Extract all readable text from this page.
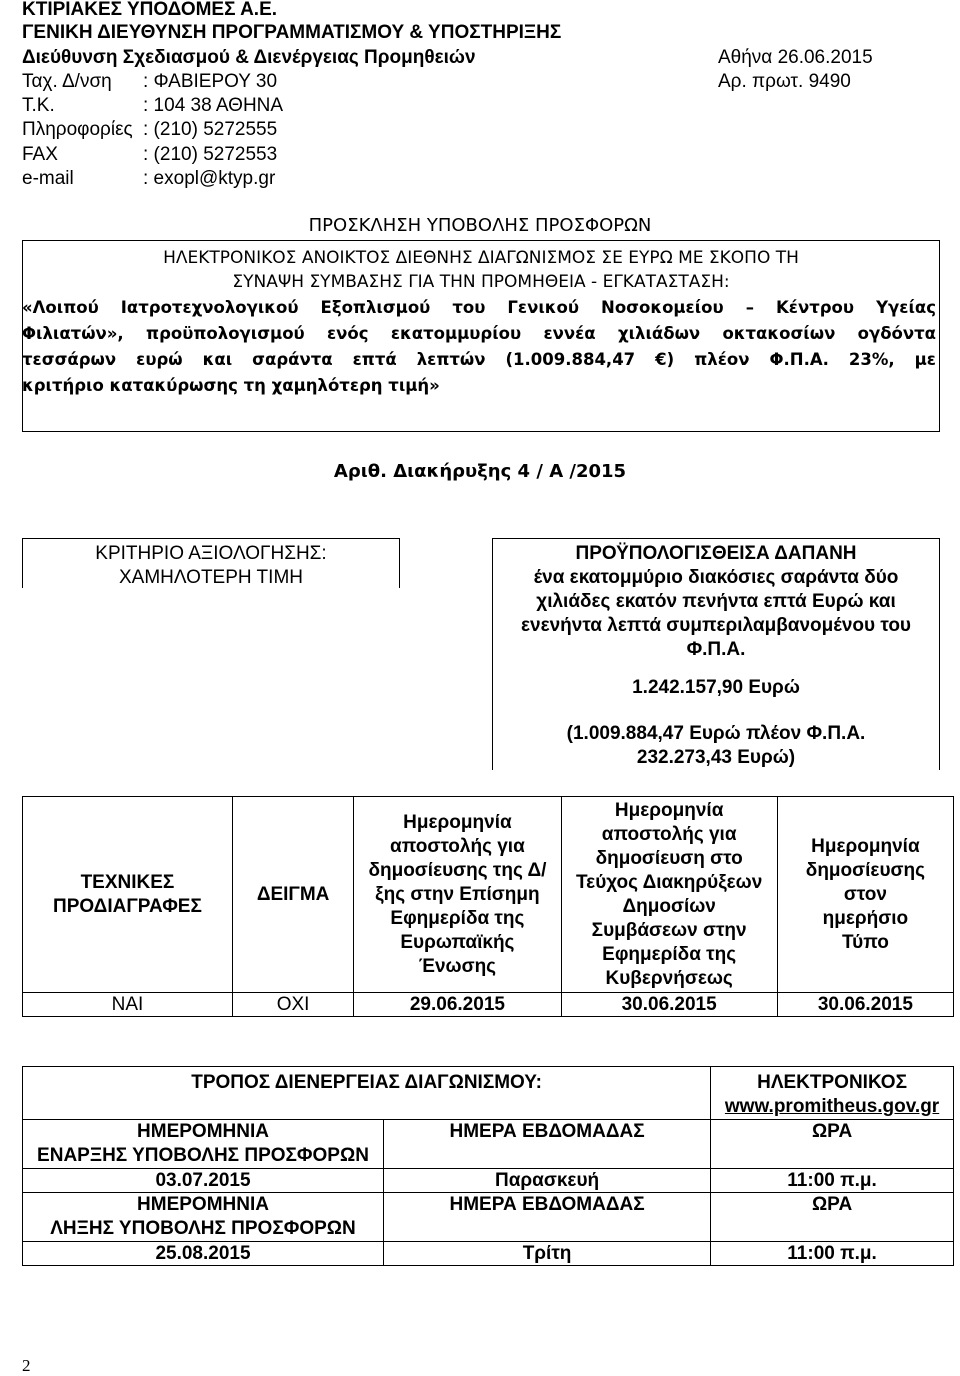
ΚΤΙΡΙΑΚΕΣ ΥΠΟΔΟΜΕΣ Α.Ε.
ΓΕΝΙΚΗ ΔΙΕΥΘΥΝΣΗ ΠΡΟΓΡΑΜΜΑΤΙΣΜΟΥ & ΥΠΟΣΤΗΡΙΞΗΣ
Διεύθυνση Σχεδιασμού & Διενέργειας Προμηθειών	Αθήνα 26.06.2015
Ταχ. Δ/νση : ΦΑΒΙΕΡΟΥ 30	Αρ. πρωτ. 9490
Τ.Κ.	: 104 38 ΑΘΗΝΑ
Πληροφορίες : (210) 5272555
FAX	: (210) 5272553
e-mail	: exopl@ktyp.gr
ΠΡΟΣΚΛΗΣΗ ΥΠΟΒΟΛΗΣ ΠΡΟΣΦΟΡΩΝ
ΗΛΕΚΤΡΟΝΙΚΟΣ ΑΝΟΙΚΤΟΣ ΔΙΕΘΝΗΣ ΔΙΑΓΩΝΙΣΜΟΣ ΣΕ ΕΥΡΩ ΜΕ ΣΚΟΠΟ ΤΗ
ΣΥΝΑΨΗ ΣΥΜΒΑΣΗΣ ΓΙΑ ΤΗΝ ΠΡΟΜΗΘΕΙΑ - ΕΓΚΑΤΑΣΤΑΣΗ:
«Λοιπού Ιατροτεχνολογικού Εξοπλισμού του Γενικού Νοσοκομείου – Κέντρου Υγείας
Φιλιατών», προϋπολογισμού ενός εκατομμυρίου εννέα χιλιάδων οκτακοσίων ογδόντα
τεσσάρων ευρώ και σαράντα επτά λεπτών (1.009.884,47 €) πλέον Φ.Π.Α. 23%, με
κριτήριο κατακύρωσης τη χαμηλότερη τιμή»
Αριθ. Διακήρυξης 4 / Α /2015
ΚΡΙΤΗΡΙΟ ΑΞΙΟΛΟΓΗΣΗΣ:
ΧΑΜΗΛΟΤΕΡΗ ΤΙΜΗ
ΠΡΟΫΠΟΛΟΓΙΣΘΕΙΣΑ ΔΑΠΑΝΗ
ένα εκατομμύριο διακόσιες σαράντα δύο χιλιάδες εκατόν πενήντα επτά Ευρώ και ενενήντα λεπτά συμπεριλαμβανομένου του Φ.Π.Α.
1.242.157,90 Ευρώ
(1.009.884,47 Ευρώ πλέον Φ.Π.Α.
232.273,43 Ευρώ)
ΤΕΧΝΙΚΕΣ ΠΡΟΔΙΑΓΡΑΦΕΣ	ΔΕΙΓΜΑ	Ημερομηνία αποστολής για δημοσίευσης της Δ/ξης στην Επίσημη Εφημερίδα της Ευρωπαϊκής Ένωσης	Ημερομηνία αποστολής για δημοσίευση στο Τεύχος Διακηρύξεων Δημοσίων Συμβάσεων στην Εφημερίδα της Κυβερνήσεως	Ημερομηνία δημοσίευσης στον ημερήσιο Τύπο

ΝΑΙ	ΟΧΙ	29.06.2015	30.06.2015	30.06.2015
ΤΡΟΠΟΣ ΔΙΕΝΕΡΓΕΙΑΣ ΔΙΑΓΩΝΙΣΜΟΥ:		ΗΛΕΚΤΡΟΝΙΚΟΣ
www.promitheus.gov.gr

ΗΜΕΡΟΜΗΝΙΑ
ΕΝΑΡΞΗΣ ΥΠΟΒΟΛΗΣ ΠΡΟΣΦΟΡΩΝ	ΗΜΕΡΑ ΕΒΔΟΜΑΔΑΣ	ΩΡΑ
03.07.2015	Παρασκευή	11:00 π.μ.

ΗΜΕΡΟΜΗΝΙΑ
ΛΗΞΗΣ ΥΠΟΒΟΛΗΣ ΠΡΟΣΦΟΡΩΝ	ΗΜΕΡΑ ΕΒΔΟΜΑΔΑΣ	ΩΡΑ
25.08.2015	Τρίτη	11:00 π.μ.
2
